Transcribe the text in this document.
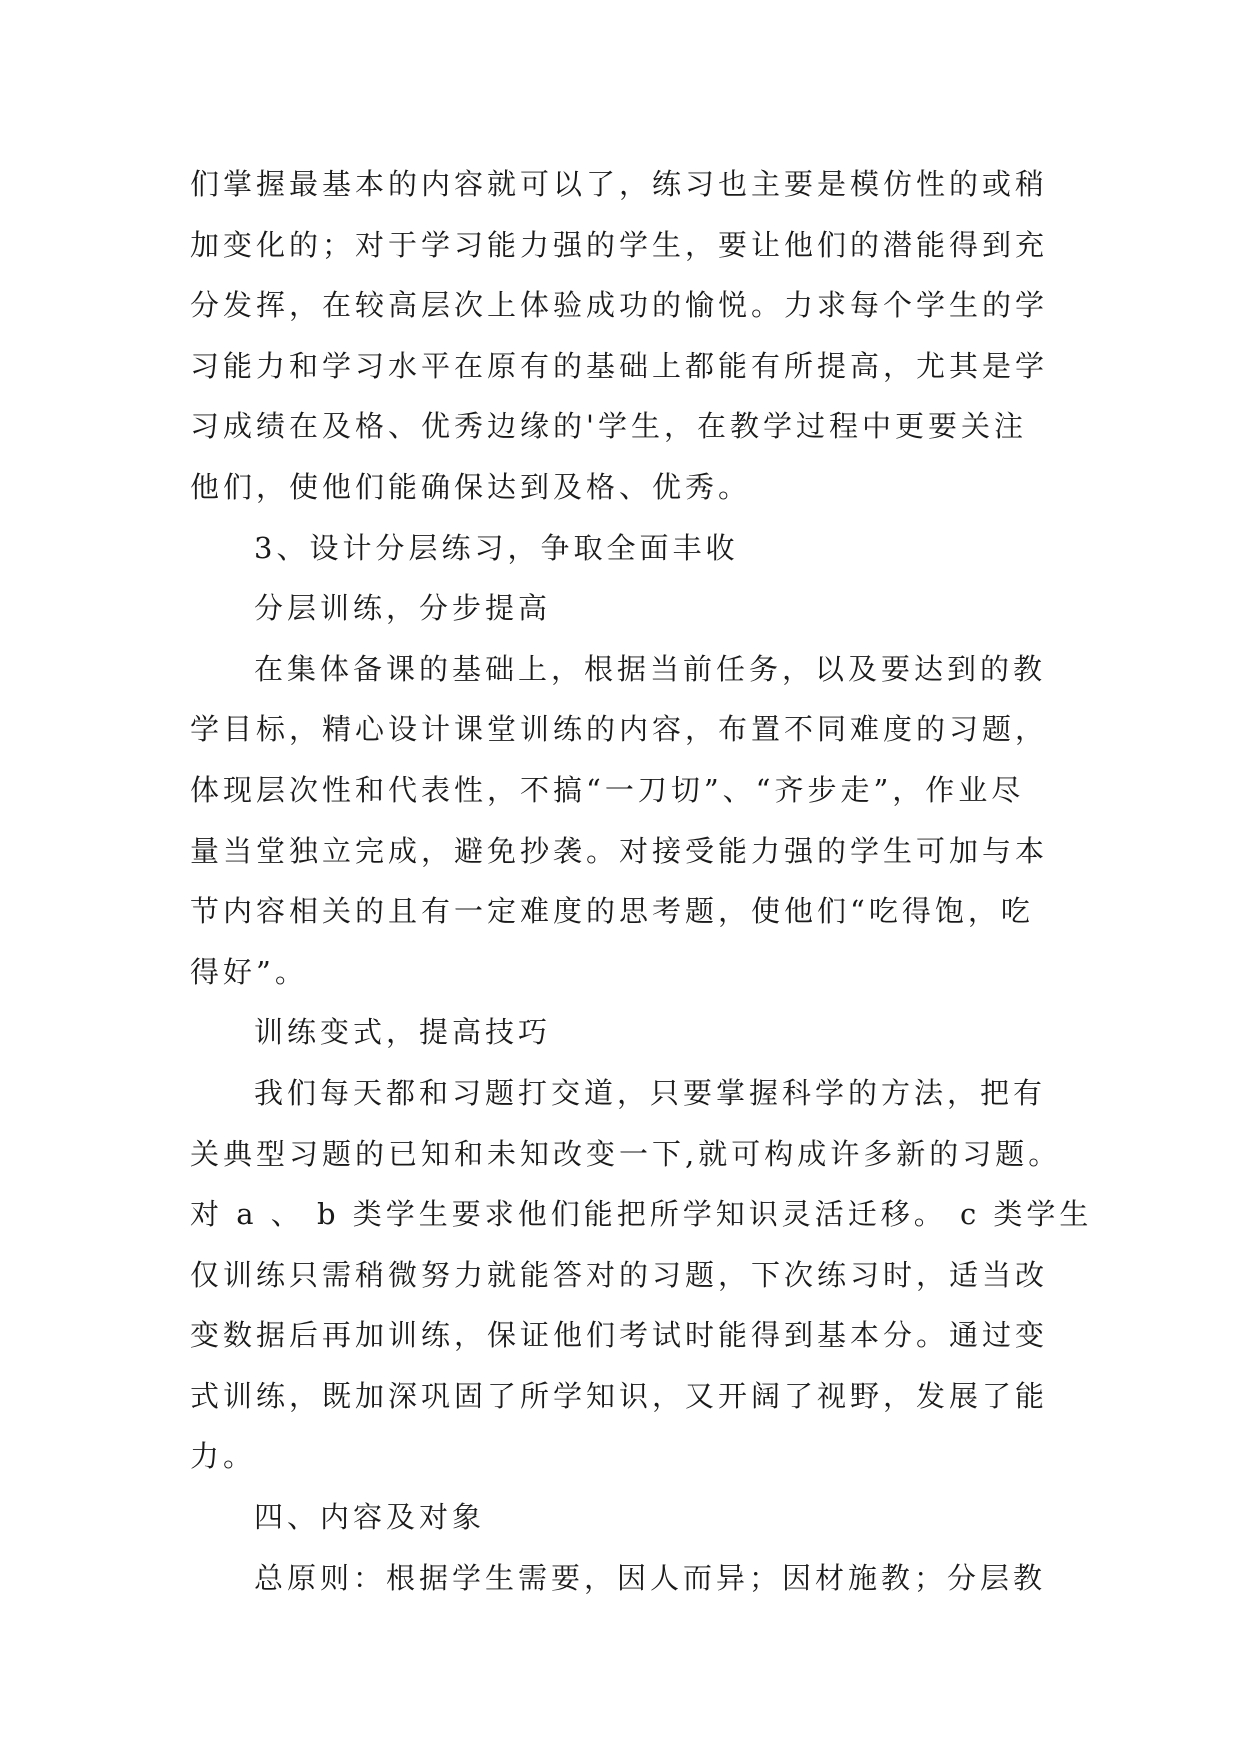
们掌握最基本的内容就可以了，练习也主要是模仿性的或稍
加变化的；对于学习能力强的学生，要让他们的潜能得到充
分发挥，在较高层次上体验成功的愉悦。力求每个学生的学
习能力和学习水平在原有的基础上都能有所提高，尤其是学
习成绩在及格、优秀边缘的'学生，在教学过程中更要关注
他们，使他们能确保达到及格、优秀。
3、设计分层练习，争取全面丰收
分层训练，分步提高
在集体备课的基础上，根据当前任务，以及要达到的教
学目标，精心设计课堂训练的内容，布置不同难度的习题，
体现层次性和代表性，不搞“一刀切”、“齐步走”，作业尽
量当堂独立完成，避免抄袭。对接受能力强的学生可加与本
节内容相关的且有一定难度的思考题，使他们“吃得饱，吃
得好”。
训练变式，提高技巧
我们每天都和习题打交道，只要掌握科学的方法，把有
关典型习题的已知和未知改变一下,就可构成许多新的习题。
对 a 、 b 类学生要求他们能把所学知识灵活迁移。 c 类学生
仅训练只需稍微努力就能答对的习题，下次练习时，适当改
变数据后再加训练，保证他们考试时能得到基本分。通过变
式训练，既加深巩固了所学知识，又开阔了视野，发展了能
力。
四、内容及对象
总原则：根据学生需要，因人而异；因材施教；分层教
